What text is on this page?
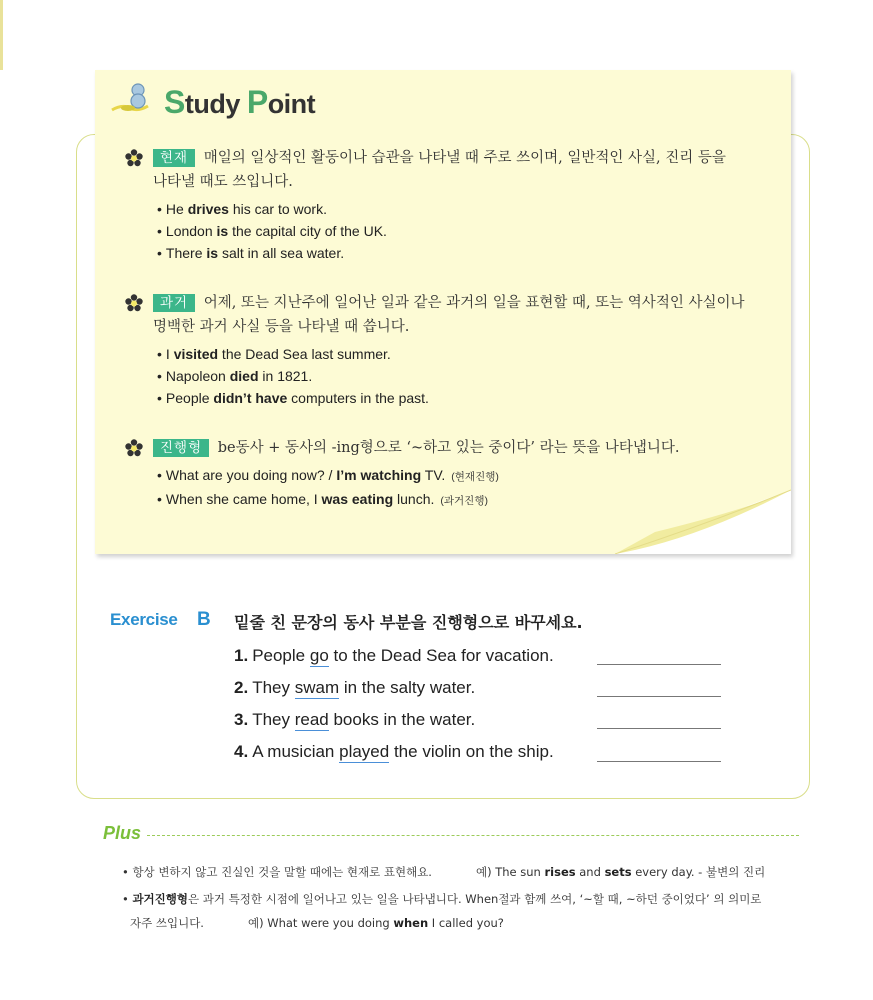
Study Point
현재 매일의 일상적인 활동이나 습관을 나타낼 때 주로 쓰이며, 일반적인 사실, 진리 등을
나타낼 때도 쓰입니다.
• He drives his car to work.
• London is the capital city of the UK.
• There is salt in all sea water.
과거 어제, 또는 지난주에 일어난 일과 같은 과거의 일을 표현할 때, 또는 역사적인 사실이나
명백한 과거 사실 등을 나타낼 때 씁니다.
• I visited the Dead Sea last summer.
• Napoleon died in 1821.
• People didn’t have computers in the past.
진행형 be동사 + 동사의 -ing형으로 ‘~하고 있는 중이다’ 라는 뜻을 나타냅니다.
• What are you doing now? / I’m watching TV. (현재진행)
• When she came home, I was eating lunch. (과거진행)
Exercise B 밑줄 친 문장의 동사 부분을 진행형으로 바꾸세요.
1. People go to the Dead Sea for vacation.
2. They swam in the salty water.
3. They read books in the water.
4. A musician played the violin on the ship.
Plus
• 항상 변하지 않고 진실인 것을 말할 때에는 현재로 표현해요.	예) The sun rises and sets every day. - 불변의 진리
• 과거진행형은 과거 특정한 시점에 일어나고 있는 일을 나타냅니다. When절과 함께 쓰여, ‘~할 때, ~하던 중이었다’ 의 의미로
자주 쓰입니다.	예) What were you doing when I called you?
